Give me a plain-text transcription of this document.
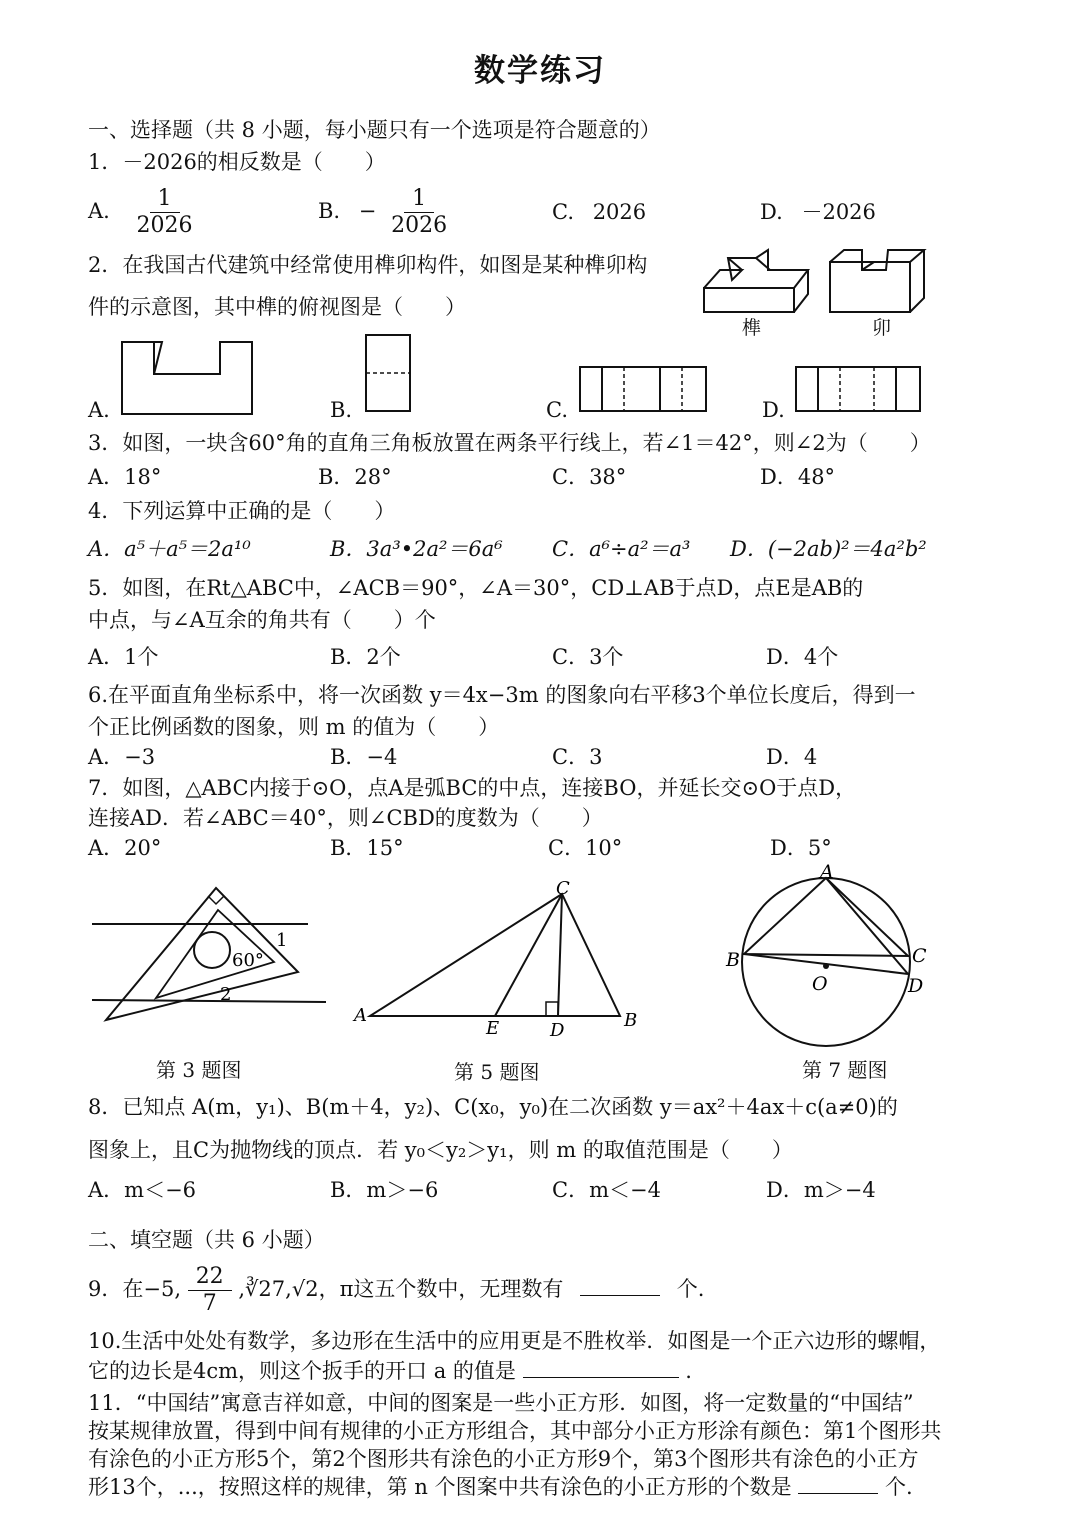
数学练习
一、选择题（共 8 小题，每小题只有一个选项是符合题意的）
1．－2026的相反数是（　　）
A. $\frac{1}{2026}$	B. − $\frac{1}{2026}$	C. 2026	D. －2026
2．在我国古代建筑中经常使用榫卯构件，如图是某种榫卯构
件的示意图，其中榫的俯视图是（　　）
榫	卯
A.	B.	C.	D.
3．如图，一块含60°角的直角三角板放置在两条平行线上，若∠1＝42°，则∠2为（　　）
A．18°	B．28°	C．38°	D．48°
4．下列运算中正确的是（　　）
A．a⁵＋a⁵＝2a¹⁰	B．3a³•2a²＝6a⁶ C．a⁶÷a²＝a³ D．(−2ab)²＝4a²b²
5．如图，在Rt△ABC中，∠ACB＝90°，∠A＝30°，CD⊥AB于点D，点E是AB的
中点，与∠A互余的角共有（　　）个
A．1个	B．2个	C．3个	D．4个
6.在平面直角坐标系中，将一次函数 y＝4x−3m 的图象向右平移3个单位长度后，得到一
个正比例函数的图象，则 m 的值为（　　）
A．−3	B．−4	C．3	D．4
7．如图，△ABC内接于⊙O，点A是弧BC的中点，连接BO，并延长交⊙O于点D，
连接AD．若∠ABC＝40°，则∠CBD的度数为（　　）
A．20°	B．15°	C．10°	D．5°
60°
1
2
第 3 题图
A	B
C
D
E
第 5 题图
A
B	C
D
O
第 7 题图
8．已知点 A(m，y₁)、B(m＋4，y₂)、C(x₀，y₀)在二次函数 y＝ax²＋4ax＋c(a≠0)的
图象上，且C为抛物线的顶点．若 y₀＜y₂＞y₁，则 m 的取值范围是（　　）
A．m＜−6	B．m＞−6	C．m＜−4	D．m＞−4
二、填空题（共 6 小题）
9．在−5, $\frac{22}{7}$ ,∛27,√2，π这五个数中，无理数有	个.
10.生活中处处有数学，多边形在生活中的应用更是不胜枚举．如图是一个正六边形的螺帽，
它的边长是4cm，则这个扳手的开口 a 的值是	.
11．“中国结”寓意吉祥如意，中间的图案是一些小正方形．如图，将一定数量的“中国结”
按某规律放置，得到中间有规律的小正方形组合，其中部分小正方形涂有颜色：第1个图形共
有涂色的小正方形5个，第2个图形共有涂色的小正方形9个，第3个图形共有涂色的小正方
形13个，...，按照这样的规律，第 n 个图案中共有涂色的小正方形的个数是	个.
